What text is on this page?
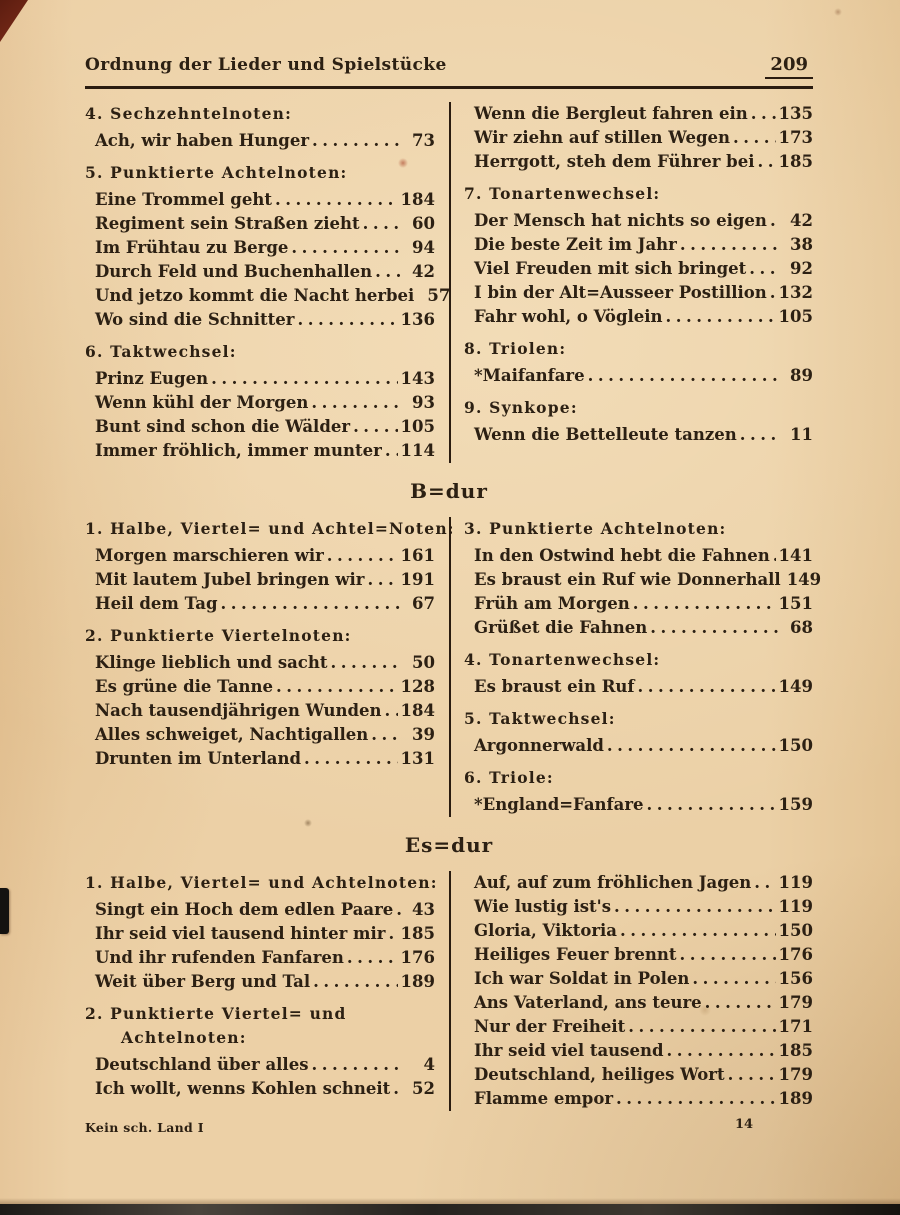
Ordnung der Lieder und Spielstücke	209
4. Sechzehntelnoten:
Ach, wir haben Hunger .....	73
5. Punktierte Achtelnoten:
Eine Trommel geht .....	184
Regiment sein Straßen zieht .....	60
Im Frühtau zu Berge .....	94
Durch Feld und Buchenhallen .....	42
Und jetzo kommt die Nacht herbei 57
Wo sind die Schnitter .....	136
6. Taktwechsel:
Prinz Eugen .....	143
Wenn kühl der Morgen .....	93
Bunt sind schon die Wälder .....	105
Immer fröhlich, immer munter ..... 114
Wenn die Bergleut fahren ein ..... 135
Wir ziehn auf stillen Wegen .....	173
Herrgott, steh dem Führer bei ..... 185
7. Tonartenwechsel:
Der Mensch hat nichts so eigen .....	42
Die beste Zeit im Jahr .....	38
Viel Freuden mit sich bringet .....	92
I bin der Alt=Ausseer Postillion ..... 132
Fahr wohl, o Vöglein .....	105
8. Triolen:
*Maifanfare .....	89
9. Synkope:
Wenn die Bettelleute tanzen .....	11
B=dur
1. Halbe, Viertel= und Achtel=Noten:
Morgen marschieren wir .....	161
Mit lautem Jubel bringen wir ..... 191
Heil dem Tag .....	67
2. Punktierte Viertelnoten:
Klinge lieblich und sacht .....	50
Es grüne die Tanne .....	128
Nach tausendjährigen Wunden ..... 184
Alles schweiget, Nachtigallen .....	39
Drunten im Unterland .....	131
3. Punktierte Achtelnoten:
In den Ostwind hebt die Fahnen ..... 141
Es braust ein Ruf wie Donnerhall 149
Früh am Morgen .....	151
Grüßet die Fahnen .....	68
4. Tonartenwechsel:
Es braust ein Ruf .....	149
5. Taktwechsel:
Argonnerwald .....	150
6. Triole:
*England=Fanfare .....	159
Es=dur
1. Halbe, Viertel= und Achtelnoten:
Singt ein Hoch dem edlen Paare .....	43
Ihr seid viel tausend hinter mir ..... 185
Und ihr rufenden Fanfaren .....	176
Weit über Berg und Tal .....	189
2. Punktierte Viertel= und
Achtelnoten:
Deutschland über alles .....	4
Ich wollt, wenns Kohlen schneit .....	52
Auf, auf zum fröhlichen Jagen ..... 119
Wie lustig ist's .....	119
Gloria, Viktoria .....	150
Heiliges Feuer brennt .....	176
Ich war Soldat in Polen .....	156
Ans Vaterland, ans teure .....	179
Nur der Freiheit .....	171
Ihr seid viel tausend .....	185
Deutschland, heiliges Wort .....	179
Flamme empor .....	189
Kein sch. Land I	14
